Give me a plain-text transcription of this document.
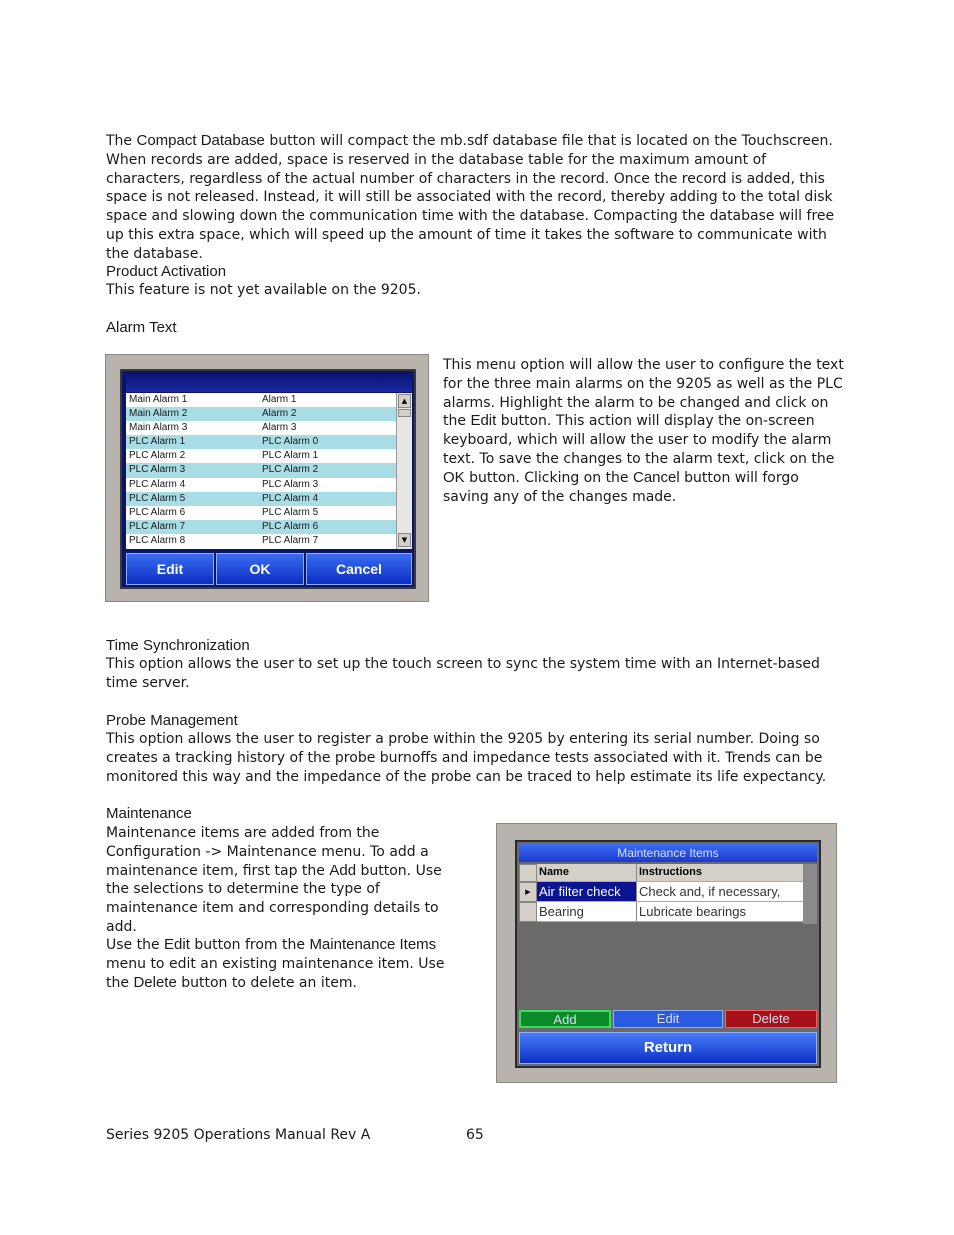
The Compact Database button will compact the mb.sdf database file that is located on the Touchscreen. When records are added, space is reserved in the database table for the maximum amount of characters, regardless of the actual number of characters in the record. Once the record is added, this space is not released. Instead, it will still be associated with the record, thereby adding to the total disk space and slowing down the communication time with the database. Compacting the database will free up this extra space, which will speed up the amount of time it takes the software to communicate with the database.

Product Activation

This feature is not yet available on the 9205.

Alarm Text
Main Alarm 1	Alarm 1
Main Alarm 2	Alarm 2
Main Alarm 3	Alarm 3
PLC Alarm 1	PLC Alarm 0
PLC Alarm 2	PLC Alarm 1
PLC Alarm 3	PLC Alarm 2
PLC Alarm 4	PLC Alarm 3
PLC Alarm 5	PLC Alarm 4
PLC Alarm 6	PLC Alarm 5
PLC Alarm 7	PLC Alarm 6
PLC Alarm 8	PLC Alarm 7
▲
▼
Edit	OK	Cancel

This menu option will allow the user to configure the text for the three main alarms on the 9205 as well as the PLC alarms. Highlight the alarm to be changed and click on the Edit button. This action will display the on-screen keyboard, which will allow the user to modify the alarm text. To save the changes to the alarm text, click on the OK button. Clicking on the Cancel button will forgo saving any of the changes made.

Time Synchronization

This option allows the user to set up the touch screen to sync the system time with an Internet-based time server.

Probe Management

This option allows the user to register a probe within the 9205 by entering its serial number. Doing so creates a tracking history of the probe burnoffs and impedance tests associated with it. Trends can be monitored this way and the impedance of the probe can be traced to help estimate its life expectancy.

Maintenance

Maintenance items are added from the Configuration -> Maintenance menu. To add a maintenance item, first tap the Add button. Use the selections to determine the type of maintenance item and corresponding details to add.

Use the Edit button from the Maintenance Items menu to edit an existing maintenance item. Use the Delete button to delete an item.

Maintenance Items
Name	Instructions
▶ Air filter check	Check and, if necessary,
Bearing	Lubricate bearings
Add	Edit	Delete
Return
Series 9205 Operations Manual Rev A	65
